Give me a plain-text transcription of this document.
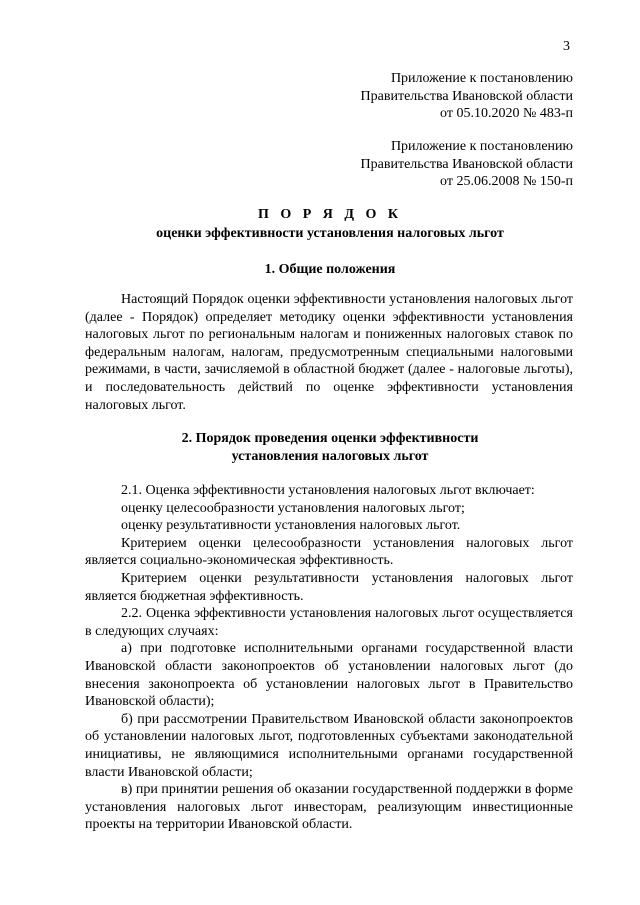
3
Приложение к постановлению
Правительства Ивановской области
от 05.10.2020 № 483-п
Приложение к постановлению
Правительства Ивановской области
от 25.06.2008 № 150-п
П О Р Я Д О К
оценки эффективности установления налоговых льгот
1. Общие положения
Настоящий Порядок оценки эффективности установления налоговых льгот (далее - Порядок) определяет методику оценки эффективности установления налоговых льгот по региональным налогам и пониженных налоговых ставок по федеральным налогам, налогам, предусмотренным специальными налоговыми режимами, в части, зачисляемой в областной бюджет (далее - налоговые льготы), и последовательность действий по оценке эффективности установления налоговых льгот.
2. Порядок проведения оценки эффективности
установления налоговых льгот

2.1. Оценка эффективности установления налоговых льгот включает:

оценку целесообразности установления налоговых льгот;

оценку результативности установления налоговых льгот.

Критерием оценки целесообразности установления налоговых льгот является социально-экономическая эффективность.

Критерием оценки результативности установления налоговых льгот является бюджетная эффективность.

2.2. Оценка эффективности установления налоговых льгот осуществляется в следующих случаях:

а) при подготовке исполнительными органами государственной власти Ивановской области законопроектов об установлении налоговых льгот (до внесения законопроекта об установлении налоговых льгот в Правительство Ивановской области);

б) при рассмотрении Правительством Ивановской области законопроектов об установлении налоговых льгот, подготовленных субъектами законодательной инициативы, не являющимися исполнительными органами государственной власти Ивановской области;

в) при принятии решения об оказании государственной поддержки в форме установления налоговых льгот инвесторам, реализующим инвестиционные проекты на территории Ивановской области.
